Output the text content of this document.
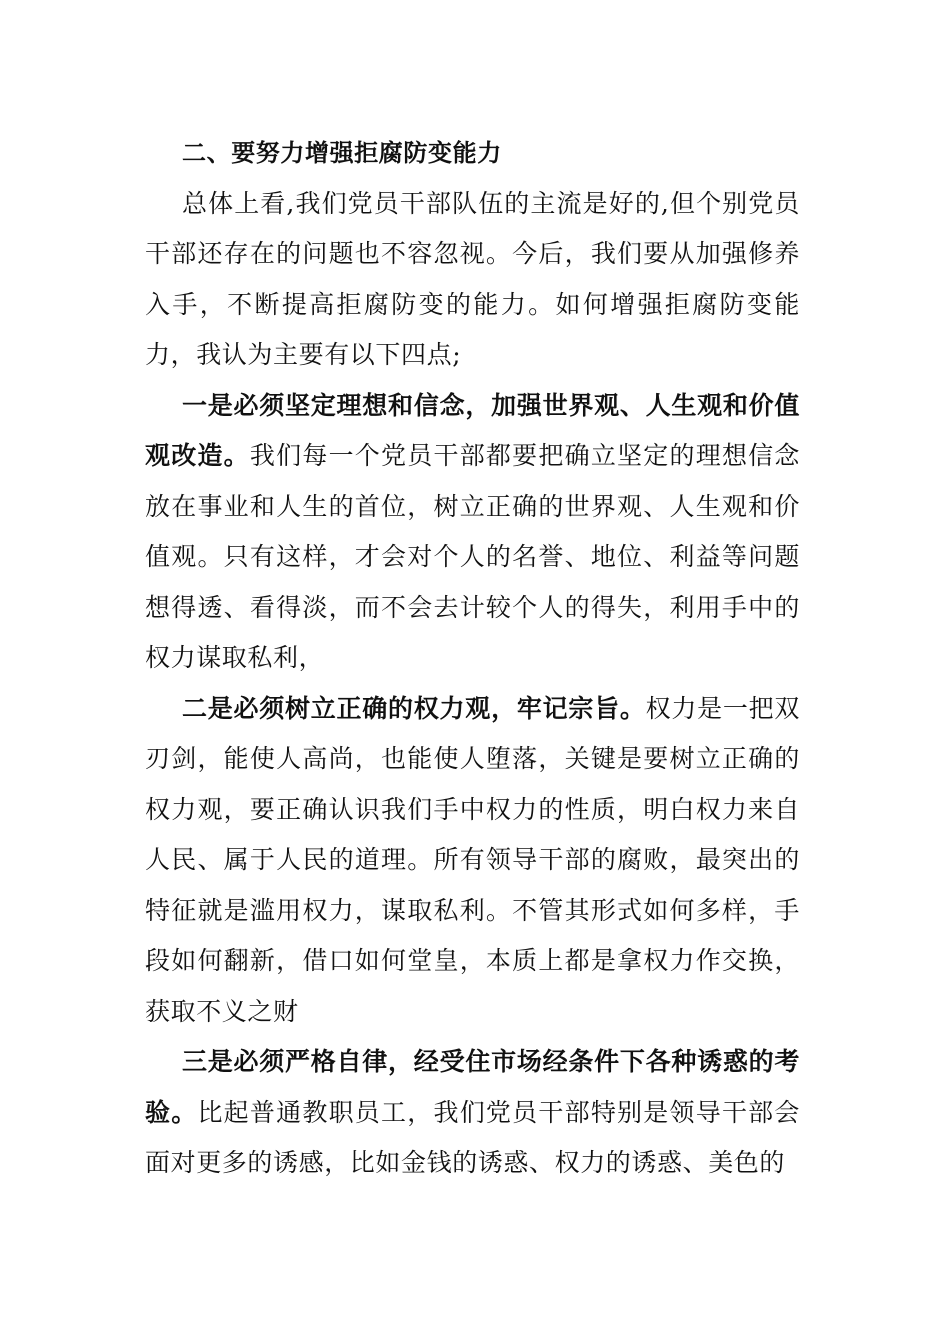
二、要努力增强拒腐防变能力

总体上看,我们党员干部队伍的主流是好的,但个别党员干部还存在的问题也不容忽视。今后，我们要从加强修养入手，不断提高拒腐防变的能力。如何增强拒腐防变能力，我认为主要有以下四点;

一是必须坚定理想和信念，加强世界观、人生观和价值观改造。我们每一个党员干部都要把确立坚定的理想信念放在事业和人生的首位，树立正确的世界观、人生观和价值观。只有这样，才会对个人的名誉、地位、利益等问题想得透、看得淡，而不会去计较个人的得失，利用手中的权力谋取私利，

二是必须树立正确的权力观，牢记宗旨。权力是一把双刃剑，能使人高尚，也能使人堕落，关键是要树立正确的权力观，要正确认识我们手中权力的性质，明白权力来自人民、属于人民的道理。所有领导干部的腐败，最突出的特征就是滥用权力，谋取私利。不管其形式如何多样，手段如何翻新，借口如何堂皇，本质上都是拿权力作交换，获取不义之财

三是必须严格自律，经受住市场经条件下各种诱惑的考验。比起普通教职员工，我们党员干部特别是领导干部会面对更多的诱感，比如金钱的诱惑、权力的诱惑、美色的
